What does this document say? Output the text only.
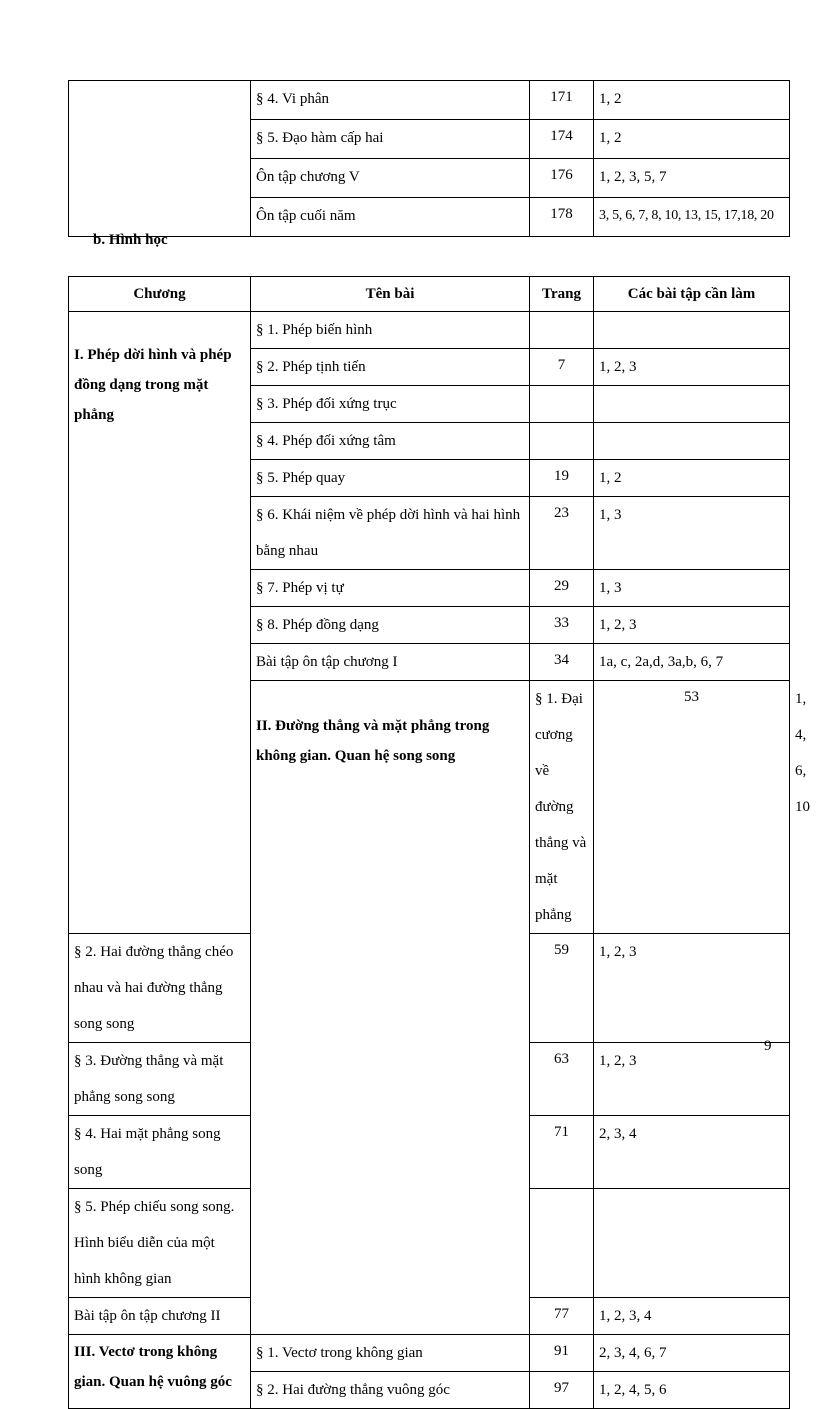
	§ 4. Vi phân	171	1, 2
	§ 5. Đạo hàm cấp hai	174	1, 2
	Ôn tập chương V	176	1, 2, 3, 5, 7
	Ôn tập cuối năm	178	3, 5, 6, 7, 8, 10, 13, 15, 17,18, 20
b. Hình học
Chương	Tên bài	Trang	Các bài tập cần làm	
I. Phép dời hình và phép đồng dạng trong mặt phẳng	§ 1. Phép biến hình			
	§ 2. Phép tịnh tiến	7	1, 2, 3	
	§ 3. Phép đối xứng trục			
	§ 4. Phép đối xứng tâm			
	§ 5. Phép quay	19	1, 2	
	§ 6. Khái niệm về phép dời hình và hai hình bằng nhau	23	1, 3	
	§ 7. Phép vị tự	29	1, 3	
	§ 8. Phép đồng dạng	33	1, 2, 3	
	Bài tập ôn tập chương I	34	1a, c, 2a,d, 3a,b, 6, 7	
	II. Đường thẳng và mặt phẳng trong không gian. Quan hệ song song	§ 1. Đại cương về đường thẳng và mặt phẳng	53	1, 4, 6, 10
§ 2. Hai đường thẳng chéo nhau và hai đường thẳng song song		59	1, 2, 3	
§ 3. Đường thẳng và mặt phẳng song song		63	1, 2, 3	
§ 4. Hai mặt phẳng song song		71	2, 3, 4	
§ 5. Phép chiếu song song. Hình biểu diễn của một hình không gian				
Bài tập ôn tập chương II		77	1, 2, 3, 4	
III. Vectơ trong không gian. Quan hệ vuông góc	§ 1. Vectơ trong không gian	91	2, 3, 4, 6, 7	
	§ 2. Hai đường thẳng vuông góc	97	1, 2, 4, 5, 6	
9
